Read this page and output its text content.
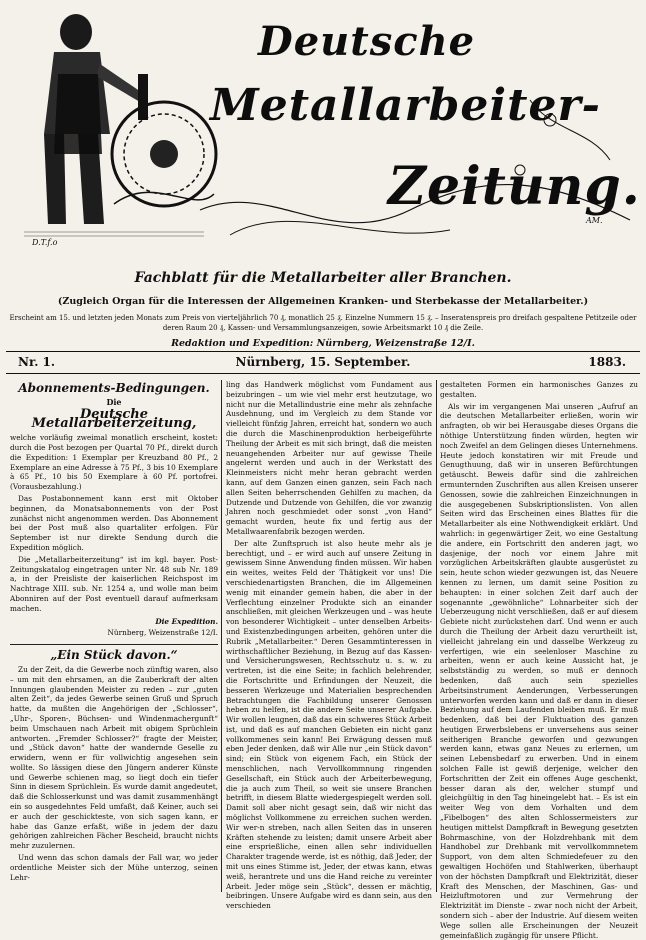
Deutsche
Metallarbeiter-
Zeitung.
D.T.f.o
AM.
Fachblatt für die Metallarbeiter aller Branchen.
(Zugleich Organ für die Interessen der Allgemeinen Kranken- und Sterbekasse der Metallarbeiter.)
Erscheint am 15. und letzten jeden Monats zum Preis von vierteljährlich 70 ₰, monatlich 25 ₰. Einzelne Nummern 15 ₰. – Inseratenspreis pro dreifach gespaltene Petitzeile oder deren Raum 20 ₰, Kassen- und Versammlungsanzeigen, sowie Arbeitsmarkt 10 ₰ die Zeile.
Redaktion und Expedition: Nürnberg, Weizenstraße 12/I.
Nr. 1.	Nürnberg, 15. September.	1883.
Abonnements-Bedingungen.
Die
Deutsche Metallarbeiterzeitung,

welche vorläufig zweimal monatlich erscheint, kostet: durch die Post bezogen per Quartal 70 Pf., direkt durch die Expedition: 1 Exemplar per Kreuzband 80 Pf., 2 Exemplare an eine Adresse à 75 Pf., 3 bis 10 Exemplare à 65 Pf., 10 bis 50 Exemplare à 60 Pf. portofrei. (Vorausbezahlung.)

Das Postabonnement kann erst mit Oktober beginnen, da Monatsabonnements von der Post zunächst nicht angenommen werden. Das Abonnement bei der Post muß also quartaliter erfolgen. Für September ist nur direkte Sendung durch die Expedition möglich.

Die „Metallarbeiterzeitung“ ist im kgl. bayer. Post-Zeitungskatalog eingetragen unter Nr. 48 sub Nr. 189 a, in der Preisliste der kaiserlichen Reichspost im Nachtrage XIII. sub. Nr. 1254 a, und wolle man beim Abonniren auf der Post eventuell darauf aufmerksam machen.

Die Expedition.
Nürnberg, Weizenstraße 12/I.
„Ein Stück davon.“

Zu der Zeit, da die Gewerbe noch zünftig waren, also – um mit den ehrsamen, an die Zauberkraft der alten Innungen glaubenden Meister zu reden – zur „guten alten Zeit“, da jedes Gewerbe seinen Gruß und Spruch hatte, da mußten die Angehörigen der „Schlosser“, „Uhr-, Sporen-, Büchsen- und Windenmachergunft“ beim Umschauen nach Arbeit mit obigem Sprüchlein antworten. „Fremder Schlosser?“ fragte der Meister, und „Stück davon“ hatte der wandernde Geselle zu erwidern, wenn er für vollwichtig angesehen sein wollte. So lässigen diese den Jüngern anderer Künste und Gewerbe schienen mag, so liegt doch ein tiefer Sinn in diesem Sprüchlein. Es wurde damit angedeutet, daß die Schlosserkunst und was damit zusammenhängt ein so ausgedehntes Feld umfaßt, daß Keiner, auch sei er auch der geschickteste, von sich sagen kann, er habe das Ganze erfaßt, wiße in jedem der dazu gehörigen zahlreichen Fächer Bescheid, braucht nichts mehr zuzulernen.

Und wenn das schon damals der Fall war, wo jeder ordentliche Meister sich der Mühe unterzog, seinen Lehr-

ling das Handwerk möglichst vom Fundament aus beizubringen – um wie viel mehr erst heutzutage, wo nicht nur die Metallindustrie eine mehr als zehnfache Ausdehnung, und im Vergleich zu dem Stande vor vielleicht fünfzig Jahren, erreicht hat, sondern wo auch die durch die Maschinenproduktion herbeigeführte Theilung der Arbeit es mit sich bringt, daß die meisten neuangehenden Arbeiter nur auf gewisse Theile angelernt werden und auch in der Werkstatt des Kleinmeisters nicht mehr heran gebracht werden kann, auf dem Ganzen einen ganzen, sein Fach nach allen Seiten beherrschenden Gehilfen zu machen, da Dutzende und Dutzende von Gehilfen, die vor zwanzig Jahren noch geschmiedet oder sonst „von Hand“ gemacht wurden, heute fix und fertig aus der Metallwaarenfabrik bezogen werden.

Der alte Zunftspruch ist also heute mehr als je berechtigt, und – er wird auch auf unsere Zeitung in gewissem Sinne Anwendung finden müssen. Wir haben ein weites, weites Feld der Thätigkeit vor uns! Die verschiedenartigsten Branchen, die im Allgemeinen wenig mit einander gemein haben, die aber in der Verflechtung einzelner Produkte sich an einander anschließen, mit gleichen Werkzeugen und – was heute von besonderer Wichtigkeit – unter denselben Arbeits- und Existenzbedingungen arbeiten, gehören unter die Rubrik „Metallarbeiter.“ Deren Gesammtinteressen in wirthschaftlicher Beziehung, in Bezug auf das Kassen- und Versicherungswesen, Rechtsschutz u. s. w. zu vertreten, ist die eine Seite; in fachlich belehrender, die Fortschritte und Erfindungen der Neuzeit, die besseren Werkzeuge und Materialien besprechenden Betrachtungen die Fachbildung unserer Genossen heben zu helfen, ist die andere Seite unserer Aufgabe. Wir wollen leugnen, daß das ein schweres Stück Arbeit ist, und daß es auf manchen Gebieten ein nicht ganz vollkommenes sein kann! Bei Erwägung dessen muß eben Jeder denken, daß wir Alle nur „ein Stück davon“ sind; ein Stück von eigenem Fach, ein Stück der menschlichen, nach Vervollkommnung ringenden Gesellschaft, ein Stück auch der Arbeiterbewegung, die ja auch zum Theil, so weit sie unsere Branchen betrifft, in diesem Blatte wiedergespiegelt werden soll. Damit soll aber nicht gesagt sein, daß wir nicht das möglichst Vollkommene zu erreichen suchen werden. Wir wer-n streben, nach allen Seiten das in unseren Kräften stehende zu leisten; damit unsere Arbeit aber eine ersprießliche, einen allen sehr individuellen Charakter tragende werde, ist es nöthig, daß Jeder, der mit uns eines Stimme ist, Jeder, der etwas kann, etwas weiß, herantrete und uns die Hand reiche zu vereinter Arbeit. Jeder möge sein „Stück“, dessen er mächtig, beibringen. Unsere Aufgabe wird es dann sein, aus den verschieden

gestalteten Formen ein harmonisches Ganzes zu gestalten.

Als wir im vergangenen Mai unseren „Aufruf an die deutschen Metallarbeiter erließen, worin wir anfragten, ob wir bei Herausgabe dieses Organs die nöthige Unterstützung finden würden, hegten wir noch Zweifel an dem Gelingen dieses Unternehmens. Heute jedoch konstatiren wir mit Freude und Genugthuung, daß wir in unseren Befürchtungen getäuscht. Beweis dafür sind die zahlreichen ermunternden Zuschriften aus allen Kreisen unserer Genossen, sowie die zahlreichen Einzeichnungen in die ausgegebenen Subskriptionslisten. Von allen Seiten wird das Erscheinen eines Blattes für die Metallarbeiter als eine Nothwendigkeit erklärt. Und wahrlich: in gegenwärtiger Zeit, wo eine Gestaltung die andere, ein Fortschritt den anderen jagt, wo dasjenige, der noch vor einem Jahre mit vorzüglichen Arbeitskräften glaubte ausgerüstet zu sein, heute schon wieder gezwungen ist, das Neuere kennen zu lernen, um damit seine Position zu behaupten: in einer solchen Zeit darf auch der sogenannte „gewöhnliche“ Lohnarbeiter sich der Ueberzeugung nicht verschließen, daß er auf diesem Gebiete nicht zurückstehen darf. Und wenn er auch durch die Theilung der Arbeit dazu verurtheilt ist, vielleicht jahrelang ein und dasselbe Werkzeug zu verfertigen, wie ein seelenloser Maschine zu arbeiten, wenn er auch keine Aussicht hat, je selbstständig zu werden, so muß er dennoch bedenken, daß auch sein spezielles Arbeitsinstrument Aenderungen, Verbesserungen unterworfen werden kann und daß er dann in dieser Beziehung auf dem Laufenden bleiben muß. Er muß bedenken, daß bei der Fluktuation des ganzen heutigen Erwerbslebens er unversehens aus seiner seitherigen Branche geworfen und gezwungen werden kann, etwas ganz Neues zu erlernen, um seinen Lebensbedarf zu erwerben. Und in einem solchen Falle ist gewiß derjenige, welcher den Fortschritten der Zeit ein offenes Auge geschenkt, besser daran als der, welcher stumpf und gleichgültig in den Tag hineingelebt hat. – Es ist ein weiter Weg von dem Vorhalten und dem „Fibelbogen“ des alten Schlossermeisters zur heutigen mittelst Dampfkraft in Bewegung gesetzten Bohrmaschine, von der Holzdrehbank mit dem Handhobel zur Drehbank mit vervollkommnetem Support, von dem alten Schmiedefeuer zu den gewaltigen Hochöfen und Stahlwerken, überhaupt von der höchsten Dampfkraft und Elektrizität, dieser Kraft des Menschen, der Maschinen, Gas- und Heizluftmotoren und zur Vermehrung der Elektrizität im Dienste – zwar noch nicht der Arbeit, sondern sich – aber der Industrie. Auf diesem weiten Wege sollen alle Erscheinungen der Neuzeit gemeinfaßlich zugängig für unsere Pflicht.
